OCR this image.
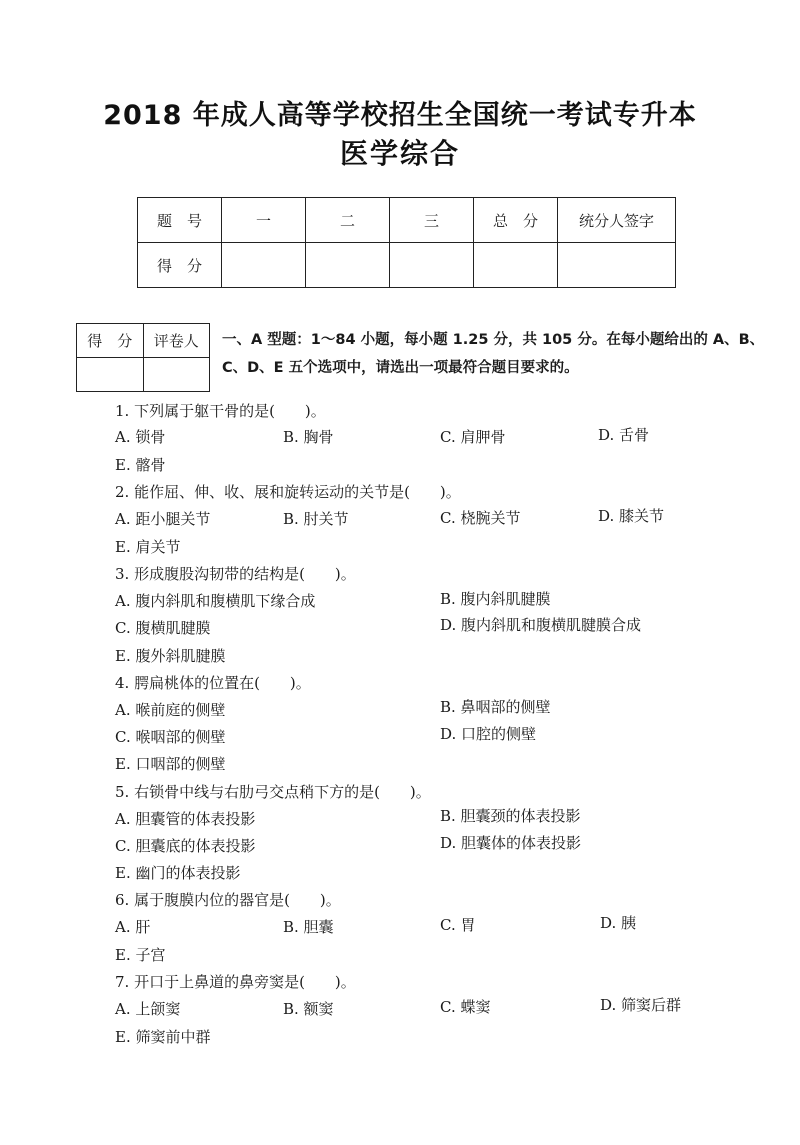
2018 年成人高等学校招生全国统一考试专升本
医学综合
题　号	一	二	三	总　分	统分人签字
得　分					
得　分	评卷人
	一、A 型题：1～84 小题，每小题 1.25 分，共 105 分。在每小题给出的 A、B、C、D、E 五个选项中，请选出一项最符合题目要求的。
1. 下列属于躯干骨的是(　　)。
A. 锁骨	B. 胸骨	C. 肩胛骨	D. 舌骨
E. 髂骨
2. 能作屈、伸、收、展和旋转运动的关节是(　　)。
A. 距小腿关节	B. 肘关节	C. 桡腕关节	D. 膝关节
E. 肩关节
3. 形成腹股沟韧带的结构是(　　)。
A. 腹内斜肌和腹横肌下缘合成	B. 腹内斜肌腱膜
C. 腹横肌腱膜	D. 腹内斜肌和腹横肌腱膜合成
E. 腹外斜肌腱膜
4. 腭扁桃体的位置在(　　)。
A. 喉前庭的侧壁	B. 鼻咽部的侧壁
C. 喉咽部的侧壁	D. 口腔的侧壁
E. 口咽部的侧壁
5. 右锁骨中线与右肋弓交点稍下方的是(　　)。
A. 胆囊管的体表投影	B. 胆囊颈的体表投影
C. 胆囊底的体表投影	D. 胆囊体的体表投影
E. 幽门的体表投影
6. 属于腹膜内位的器官是(　　)。
A. 肝	B. 胆囊	C. 胃	D. 胰
E. 子宫
7. 开口于上鼻道的鼻旁窦是(　　)。
A. 上颌窦	B. 额窦	C. 蝶窦	D. 筛窦后群
E. 筛窦前中群
